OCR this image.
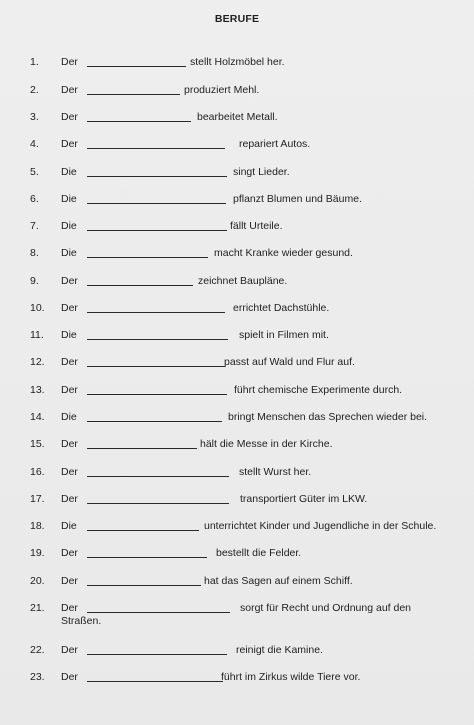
BERUFE
1. Der	stellt Holzmöbel her.
2. Der	produziert Mehl.
3. Der	bearbeitet Metall.
4. Der	repariert Autos.
5. Die	singt Lieder.
6. Die	pflanzt Blumen und Bäume.
7. Die	fällt Urteile.
8. Die	macht Kranke wieder gesund.
9. Der	zeichnet Baupläne.
10. Der	errichtet Dachstühle.
11. Die	spielt in Filmen mit.
12. Der	passt auf Wald und Flur auf.
13. Der	führt chemische Experimente durch.
14. Die	bringt Menschen das Sprechen wieder bei.
15. Der	hält die Messe in der Kirche.
16. Der	stellt Wurst her.
17. Der	transportiert Güter im LKW.
18. Die	unterrichtet Kinder und Jugendliche in der Schule.
19. Der	bestellt die Felder.
20. Der	hat das Sagen auf einem Schiff.
21. Der	sorgt für Recht und Ordnung auf den Straßen.
22. Der	reinigt die Kamine.
23. Der	führt im Zirkus wilde Tiere vor.
